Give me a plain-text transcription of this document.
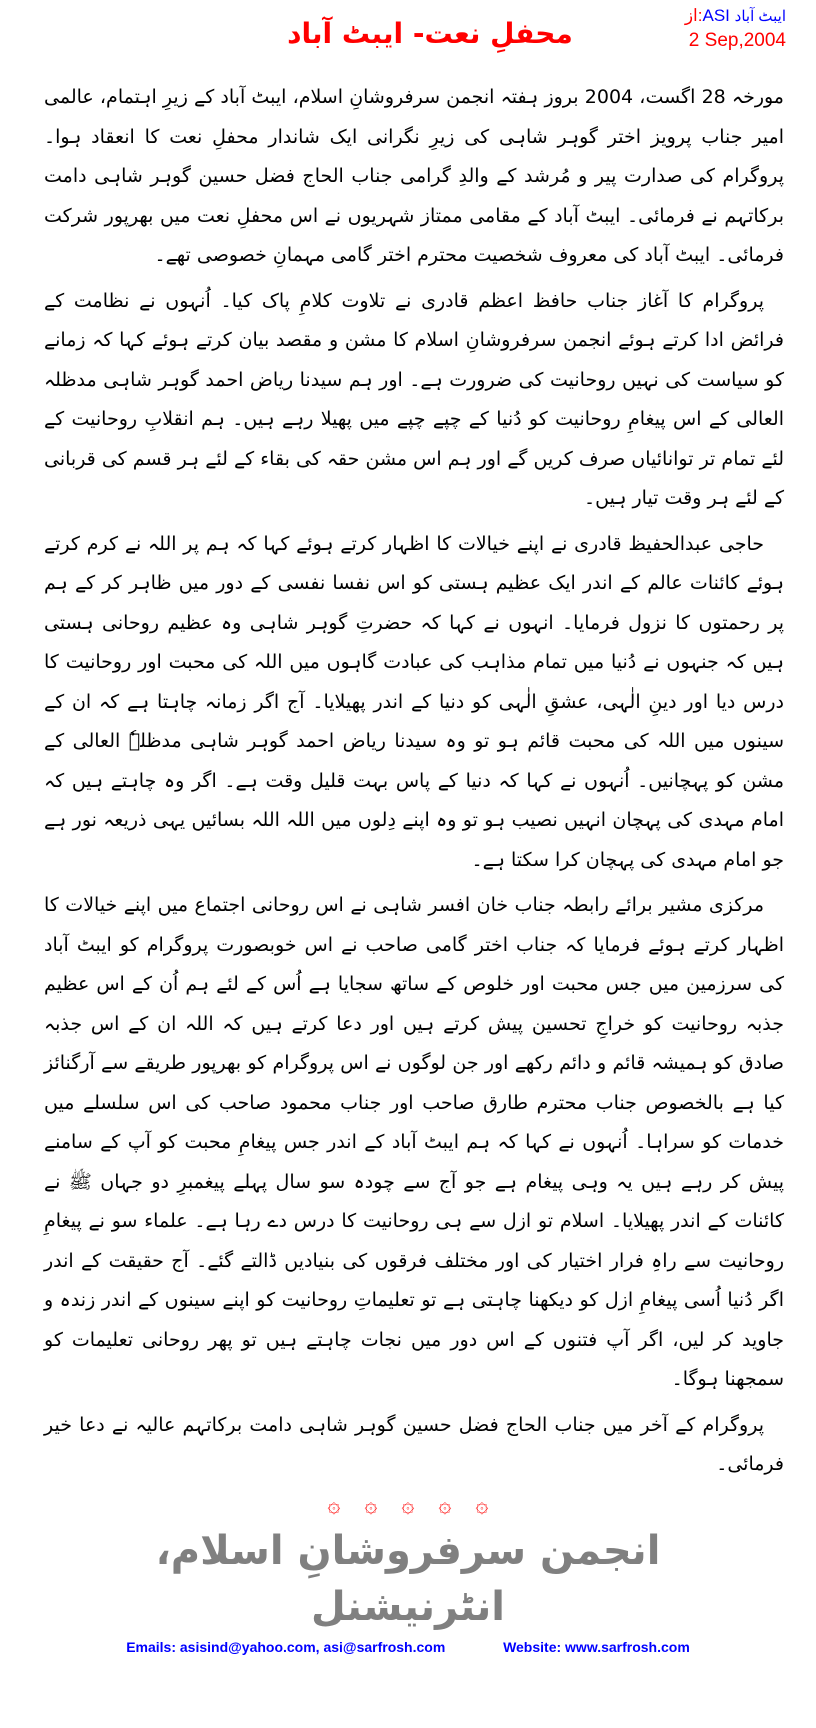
محفلِ نعت- ایبٹ آباد
از:ASI ایبٹ آباد
2 Sep,2004

مورخہ 28 اگست، 2004 بروز ہفتہ انجمن سرفروشانِ اسلام، ایبٹ آباد کے زیرِ اہتمام، عالمی امیر جناب پرویز اختر گوہر شاہی کی زیرِ نگرانی ایک شاندار محفلِ نعت کا انعقاد ہوا۔ پروگرام کی صدارت پیر و مُرشد کے والدِ گرامی جناب الحاج فضل حسین گوہر شاہی دامت برکاتہم نے فرمائی۔ ایبٹ آباد کے مقامی ممتاز شہریوں نے اس محفلِ نعت میں بھرپور شرکت فرمائی۔ ایبٹ آباد کی معروف شخصیت محترم اختر گامی مہمانِ خصوصی تھے۔

پروگرام کا آغاز جناب حافظ اعظم قادری نے تلاوت کلامِ پاک کیا۔ اُنہوں نے نظامت کے فرائض ادا کرتے ہوئے انجمن سرفروشانِ اسلام کا مشن و مقصد بیان کرتے ہوئے کہا کہ زمانے کو سیاست کی نہیں روحانیت کی ضرورت ہے۔ اور ہم سیدنا ریاض احمد گوہر شاہی مدظلہ العالی کے اس پیغامِ روحانیت کو دُنیا کے چپے چپے میں پھیلا رہے ہیں۔ ہم انقلابِ روحانیت کے لئے تمام تر توانائیاں صرف کریں گے اور ہم اس مشن حقہ کی بقاء کے لئے ہر قسم کی قربانی کے لئے ہر وقت تیار ہیں۔

حاجی عبدالحفیظ قادری نے اپنے خیالات کا اظہار کرتے ہوئے کہا کہ ہم پر اللہ نے کرم کرتے ہوئے کائنات عالم کے اندر ایک عظیم ہستی کو اس نفسا نفسی کے دور میں ظاہر کر کے ہم پر رحمتوں کا نزول فرمایا۔ انہوں نے کہا کہ حضرتِ گوہر شاہی وہ عظیم روحانی ہستی ہیں کہ جنہوں نے دُنیا میں تمام مذاہب کی عبادت گاہوں میں اللہ کی محبت اور روحانیت کا درس دیا اور دینِ الٰہی، عشقِ الٰہی کو دنیا کے اندر پھیلایا۔ آج اگر زمانہ چاہتا ہے کہ ان کے سینوں میں اللہ کی محبت قائم ہو تو وہ سیدنا ریاض احمد گوہر شاہی مدظلہٗ العالی کے مشن کو پہچانیں۔ اُنہوں نے کہا کہ دنیا کے پاس بہت قلیل وقت ہے۔ اگر وہ چاہتے ہیں کہ امام مہدی کی پہچان انہیں نصیب ہو تو وہ اپنے دِلوں میں اللہ اللہ بسائیں یہی ذریعہ نور ہے جو امام مہدی کی پہچان کرا سکتا ہے۔

مرکزی مشیر برائے رابطہ جناب خان افسر شاہی نے اس روحانی اجتماع میں اپنے خیالات کا اظہار کرتے ہوئے فرمایا کہ جناب اختر گامی صاحب نے اس خوبصورت پروگرام کو ایبٹ آباد کی سرزمین میں جس محبت اور خلوص کے ساتھ سجایا ہے اُس کے لئے ہم اُن کے اس عظیم جذبہ روحانیت کو خراجِ تحسین پیش کرتے ہیں اور دعا کرتے ہیں کہ اللہ ان کے اس جذبہ صادق کو ہمیشہ قائم و دائم رکھے اور جن لوگوں نے اس پروگرام کو بھرپور طریقے سے آرگنائز کیا ہے بالخصوص جناب محترم طارق صاحب اور جناب محمود صاحب کی اس سلسلے میں خدمات کو سراہا۔ اُنہوں نے کہا کہ ہم ایبٹ آباد کے اندر جس پیغامِ محبت کو آپ کے سامنے پیش کر رہے ہیں یہ وہی پیغام ہے جو آج سے چودہ سو سال پہلے پیغمبرِ دو جہاں ﷺ نے کائنات کے اندر پھیلایا۔ اسلام تو ازل سے ہی روحانیت کا درس دے رہا ہے۔ علماء سو نے پیغامِ روحانیت سے راہِ فرار اختیار کی اور مختلف فرقوں کی بنیادیں ڈالتے گئے۔ آج حقیقت کے اندر اگر دُنیا اُسی پیغامِ ازل کو دیکھنا چاہتی ہے تو تعلیماتِ روحانیت کو اپنے سینوں کے اندر زندہ و جاوید کر لیں، اگر آپ فتنوں کے اس دور میں نجات چاہتے ہیں تو پھر روحانی تعلیمات کو سمجھنا ہوگا۔

پروگرام کے آخر میں جناب الحاج فضل حسین گوہر شاہی دامت برکاتہم عالیہ نے دعا خیر فرمائی۔

۞ ۞ ۞ ۞ ۞
انجمن سرفروشانِ اسلام، انٹرنیشنل
Emails: asisind@yahoo.com, asi@sarfrosh.com	Website: www.sarfrosh.com
